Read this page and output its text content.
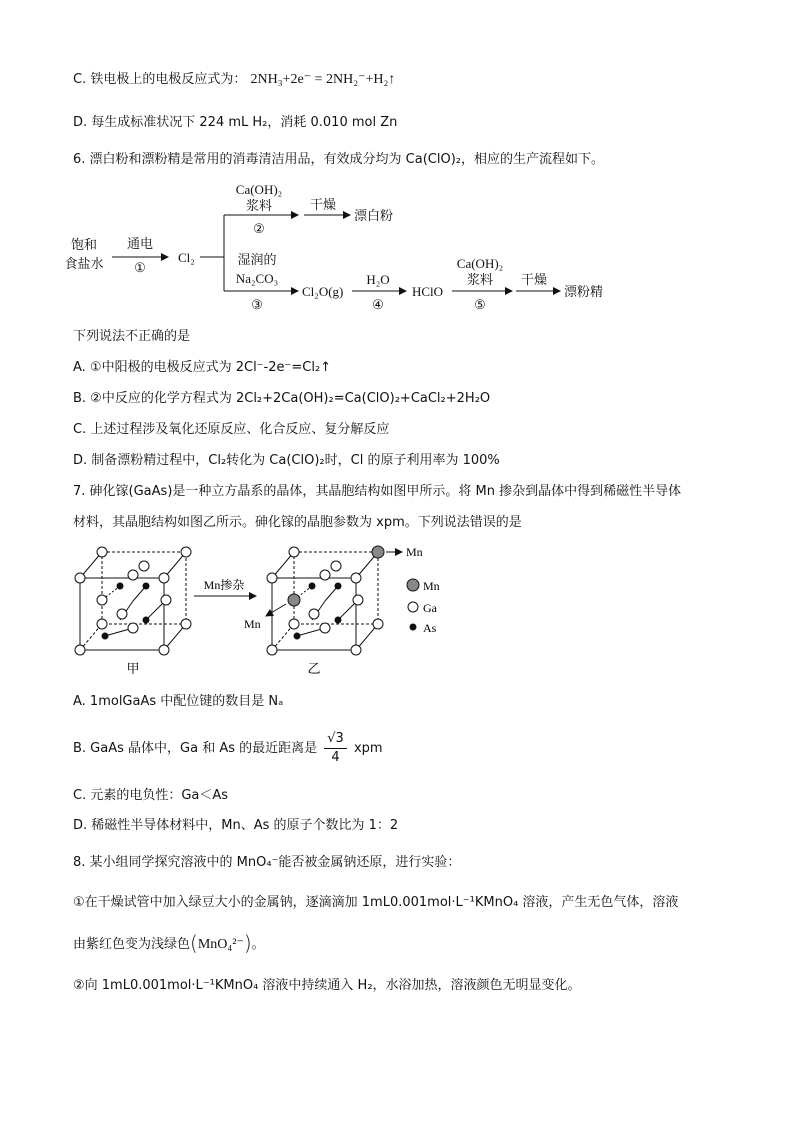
C. 铁电极上的电极反应式为： 2NH₃+2e⁻ = 2NH₂⁻+H₂↑
D. 每生成标准状况下 224 mL H₂，消耗 0.010 mol Zn
6. 漂白粉和漂粉精是常用的消毒清洁用品，有效成分均为 Ca(ClO)₂，相应的生产流程如下。
饱和
食盐水
通电
①
Cl₂
Ca(OH)₂
浆料
②
干燥
漂白粉
湿润的
Na₂CO₃
③
Cl₂O(g)
H₂O
④
HClO
Ca(OH)₂
浆料
⑤
干燥
漂粉精
下列说法不正确的是
A. ①中阳极的电极反应式为 2Cl⁻-2e⁻=Cl₂↑
B. ②中反应的化学方程式为 2Cl₂+2Ca(OH)₂=Ca(ClO)₂+CaCl₂+2H₂O
C. 上述过程涉及氧化还原反应、化合反应、复分解反应
D. 制备漂粉精过程中，Cl₂转化为 Ca(ClO)₂时，Cl 的原子利用率为 100%
7. 砷化镓(GaAs)是一种立方晶系的晶体，其晶胞结构如图甲所示。将 Mn 掺杂到晶体中得到稀磁性半导体
材料，其晶胞结构如图乙所示。砷化镓的晶胞参数为 xpm。下列说法错误的是
Mn掺杂
甲
Mn
Mn
乙
Mn
Ga
As
A. 1molGaAs 中配位键的数目是 Nₐ
B. GaAs 晶体中，Ga 和 As 的最近距离是 $\frac{√3}{4}$ xpm
C. 元素的电负性：Ga＜As
D. 稀磁性半导体材料中，Mn、As 的原子个数比为 1：2
8. 某小组同学探究溶液中的 MnO₄⁻能否被金属钠还原，进行实验：
①在干燥试管中加入绿豆大小的金属钠，逐滴滴加 1mL0.001mol·L⁻¹KMnO₄ 溶液，产生无色气体，溶液
由紫红色变为浅绿色(MnO₄²⁻)。
②向 1mL0.001mol·L⁻¹KMnO₄ 溶液中持续通入 H₂，水浴加热，溶液颜色无明显变化。
